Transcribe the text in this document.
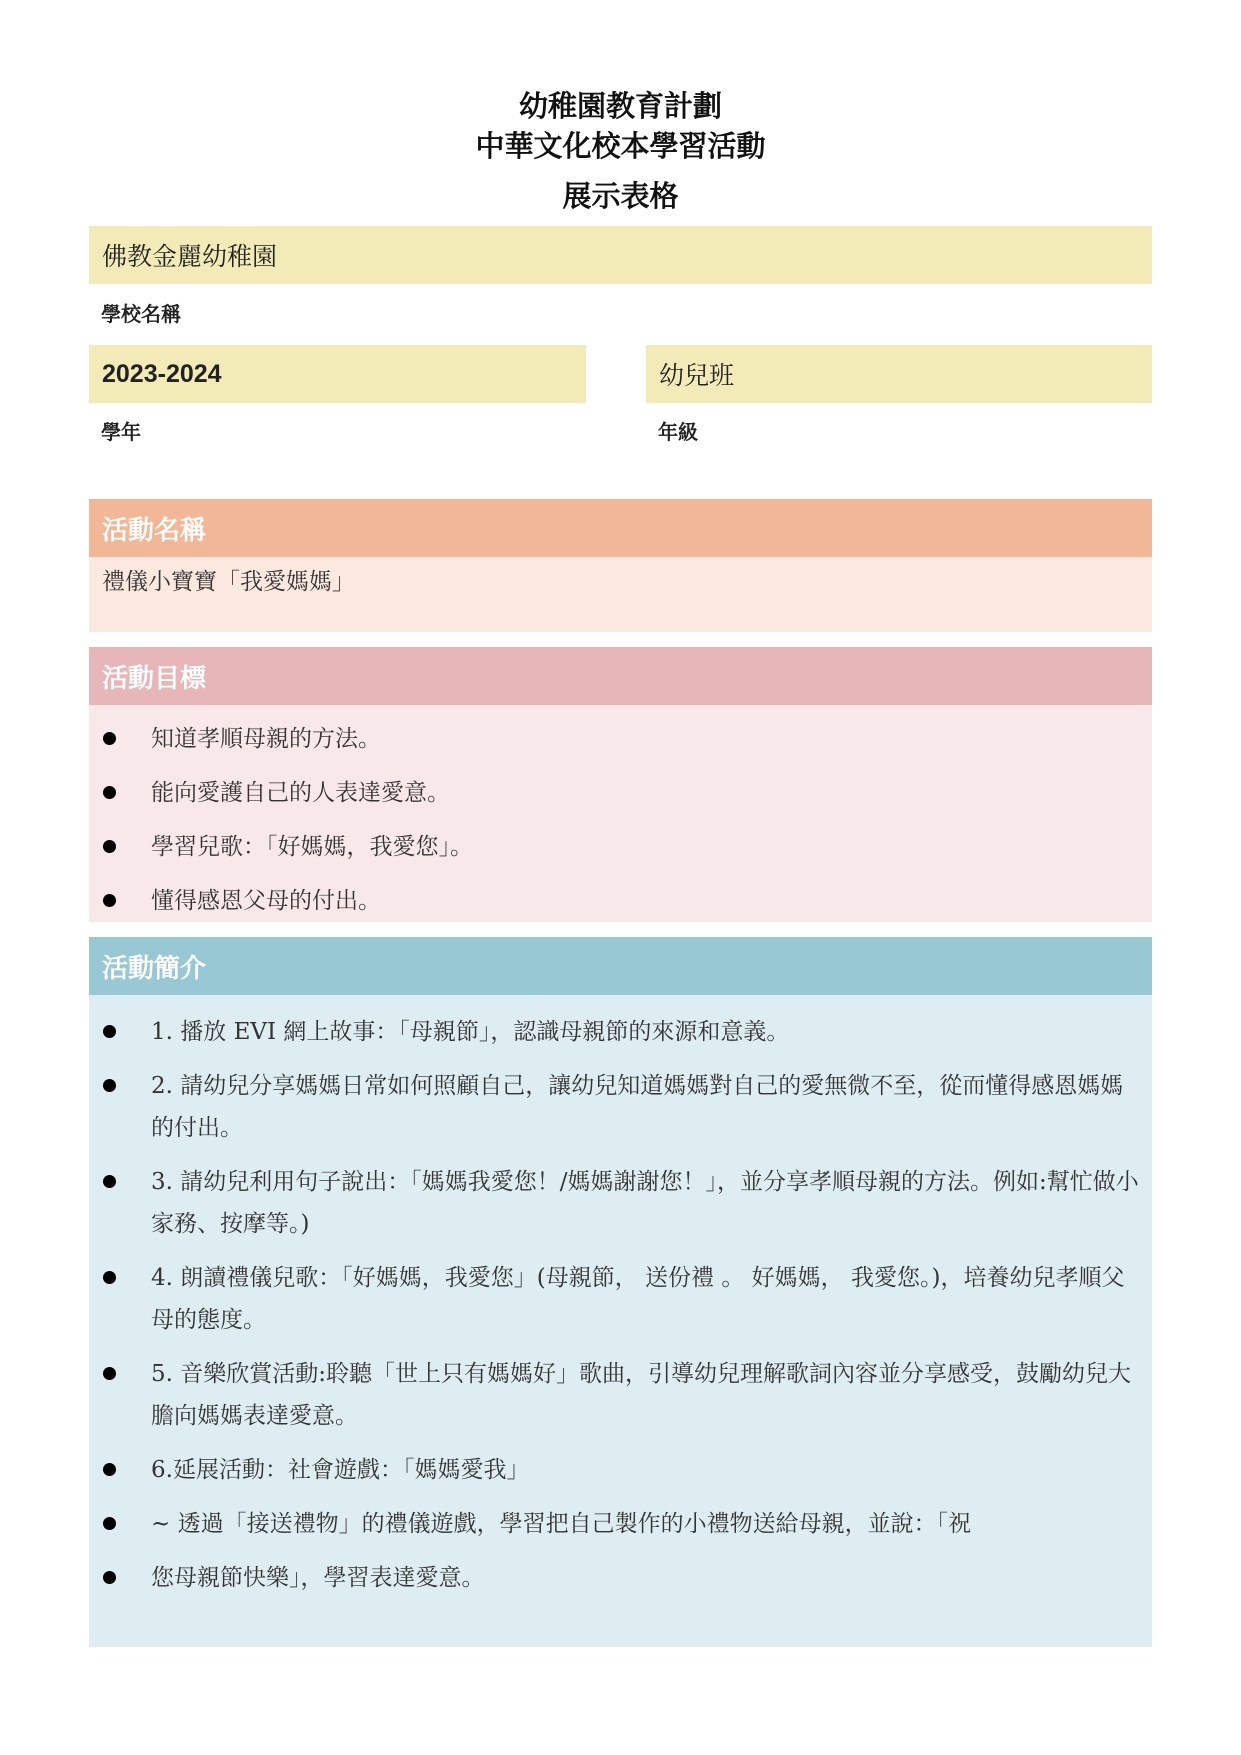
幼稚園教育計劃
中華文化校本學習活動
展示表格
佛教金麗幼稚園
學校名稱
2023-2024
學年
幼兒班
年級
活動名稱
禮儀小寶寶「我愛媽媽」
活動目標
知道孝順母親的方法。
能向愛護自己的人表達愛意。
學習兒歌：「好媽媽，我愛您」。
懂得感恩父母的付出。
活動簡介
1. 播放 EVI 網上故事：「母親節」，認識母親節的來源和意義。
2. 請幼兒分享媽媽日常如何照顧自己，讓幼兒知道媽媽對自己的愛無微不至，從而懂得感恩媽媽的付出。
3. 請幼兒利用句子說出：「媽媽我愛您！/媽媽謝謝您！」，並分享孝順母親的方法。例如:幫忙做小家務、按摩等。)
4. 朗讀禮儀兒歌：「好媽媽，我愛您」(母親節， 送份禮 。 好媽媽， 我愛您。)，培養幼兒孝順父母的態度。
5. 音樂欣賞活動:聆聽「世上只有媽媽好」歌曲，引導幼兒理解歌詞內容並分享感受，鼓勵幼兒大膽向媽媽表達愛意。
6.延展活動：社會遊戲：「媽媽愛我」
~ 透過「接送禮物」的禮儀遊戲，學習把自己製作的小禮物送給母親，並說：「祝
您母親節快樂」，學習表達愛意。
